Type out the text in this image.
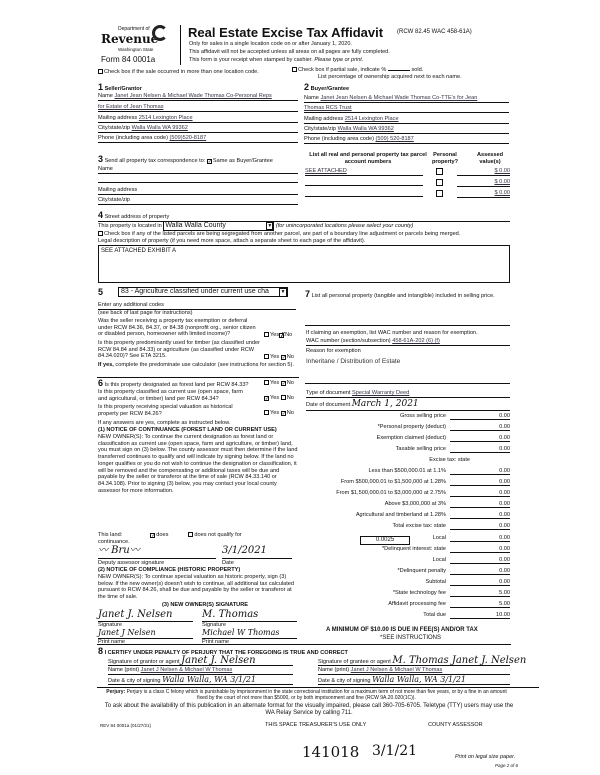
Department of
Revenue
Washington State
Form 84 0001a
Real Estate Excise Tax Affidavit (RCW 82.45 WAC 458-61A)
Only for sales in a single location code on or after January 1, 2020.
This affidavit will not be accepted unless all areas on all pages are fully completed.
This form is your receipt when stamped by cashier. Please type or print.
Check box if the sale occurred in more than one location code.	Check box if partial sale, indicate %	sold.
List percentage of ownership acquired next to each name.
1 Seller/Grantor
Name Janet Jean Nelsen & Michael Wade Thomas Co-Personal Reps
for Estate of Jean Thomas
Mailing address 2514 Lexington Place
City/state/zip Walla Walla WA 99362
Phone (including area code) (509)520-8187
2 Buyer/Grantee
Name Janet Jean Nelsen & Michael Wade Thomas Co-TTE's for Jean
Thomas RCS Trust
Mailing address 2514 Lexington Place
City/state/zip Walla Walla WA 99362
Phone (including area code) (509) 520-8187
3 Send all property tax correspondence to: ✓Same as Buyer/Grantee
Name
Mailing address
City/state/zip
List all real and personal property tax parcel account numbers
Personal property?
Assessed value(s)
SEE ATTACHED	$ 0.00
$ 0.00
$ 0.00
4 Street address of property
This property is located in Walla Walla County	▼ (for unincorporated locations please select your county)
Check box if any of the listed parcels are being segregated from another parcel, are part of a boundary line adjustment or parcels being merged.
Legal description of property (if you need more space, attach a separate sheet to each page of the affidavit).
SEE ATTACHED EXHIBIT A
5	83 - Agriculture classified under current use cha	▼
Enter any additional codes
(see back of last page for instructions)
Was the seller receiving a property tax exemption or deferral under RCW 84.36, 84.37, or 84.38 (nonprofit org., senior citizen or disabled person, homeowner with limited income)?	Yes✗No
Is this property predominantly used for timber (as classified under RCW 84.84 and 84.33) or agriculture (as classified under RCW 84.34.020)? See ETA 3215.	Yes ✓No
If yes, complete the predominate use calculator (see instructions for section 5).
6 Is this property designated as forest land per RCW 84.33?	Yes ✓No
Is this property classified as current use (open space, farm and agricultural, or timber) land per RCW 84.34?	✓Yes No
Is this property receiving special valuation as historical property per RCW 84.26?	Yes ✓No
If any answers are yes, complete as instructed below.
(1) NOTICE OF CONTINUANCE (FOREST LAND OR CURRENT USE)
NEW OWNER(S): To continue the current designation as forest land or classification as current use (open space, farm and agriculture, or timber) land, you must sign on (3) below. The county assessor must then determine if the land transferred continues to qualify and will indicate by signing below. If the land no longer qualifies or you do not wish to continue the designation or classification, it will be removed and the compensating or additional taxes will be due and payable by the seller or transferor at the time of sale (RCW 84.33.140 or 84.34.108). Prior to signing (3) below, you may contact your local county assessor for more information.
This land:	✓does	does not qualify for
continuance.
〰 Bru〰	3/1/2021
Deputy assessor signature	Date
(2) NOTICE OF COMPLIANCE (HISTORIC PROPERTY)
NEW OWNER(S): To continue special valuation as historic property, sign (3) below. If the new owner(s) doesn't wish to continue, all additional tax calculated pursuant to RCW 84.26, shall be due and payable by the seller or transferor at the time of sale.
(3) NEW OWNER(S) SIGNATURE
Janet J. Nelsen	M. Thomas
Signature	Signature
Janet J Nelsen	Michael W Thomas
Print name	Print name
7 List all personal property (tangible and intangible) included in selling price.
If claiming an exemption, list WAC number and reason for exemption.
WAC number (section/subsection) 458-61A-202 (6) (f)
Reason for exemption
Inheritane / Distribution of Estate
Type of document Special Warranty Deed
Date of document March 1, 2021
Gross selling price	0.00
*Personal property (deduct)	0.00
Exemption claimed (deduct)	0.00
Taxable selling price	0.00
Excise tax: state
Less than $500,000.01 at 1.1%	0.00
From $500,000.01 to $1,500,000 at 1.28%	0.00
From $1,500,000.01 to $3,000,000 at 2.75%	0.00
Above $3,000,000 at 3%	0.00
Agricultural and timberland at 1.28%	0.00
Total excise tax: state	0.00
Local	0.00
*Delinquent interest: state	0.00
Local	0.00
*Delinquent penalty	0.00
Subtotal	0.00
*State technology fee	5.00
Affidavit processing fee	5.00
Total due	10.00
0.0025
A MINIMUM OF $10.00 IS DUE IN FEE(S) AND/OR TAX
*SEE INSTRUCTIONS
8 I CERTIFY UNDER PENALTY OF PERJURY THAT THE FOREGOING IS TRUE AND CORRECT
Signature of grantor or agent Janet J. Nelsen
Name (print) Janet J Nelsen & Michael W Thomas
Date & city of signing Walla Walla, WA 3/1/21
Signature of grantee or agent M. Thomas Janet J. Nelsen
Name (print) Janet J Nelsen & Michael W Thomas
Date & city of signing Walla Walla, WA 3/1/21
Perjury: Perjury is a class C felony which is punishable by imprisonment in the state correctional institution for a maximum term of not more than five years, or by a fine in an amount fixed by the court of not more than $5000, or by both imprisonment and fine (RCW 9A.20.020(1C)).
To ask about the availability of this publication in an alternate format for the visually impaired, please call 360-705-6705. Teletype (TTY) users may use the WA Relay Service by calling 711.
REV 84 0001a (01/27/21)	THIS SPACE TREASURER'S USE ONLY	COUNTY ASSESSOR
141018 3/1/21	Print on legal size paper.
Page 2 of 6
